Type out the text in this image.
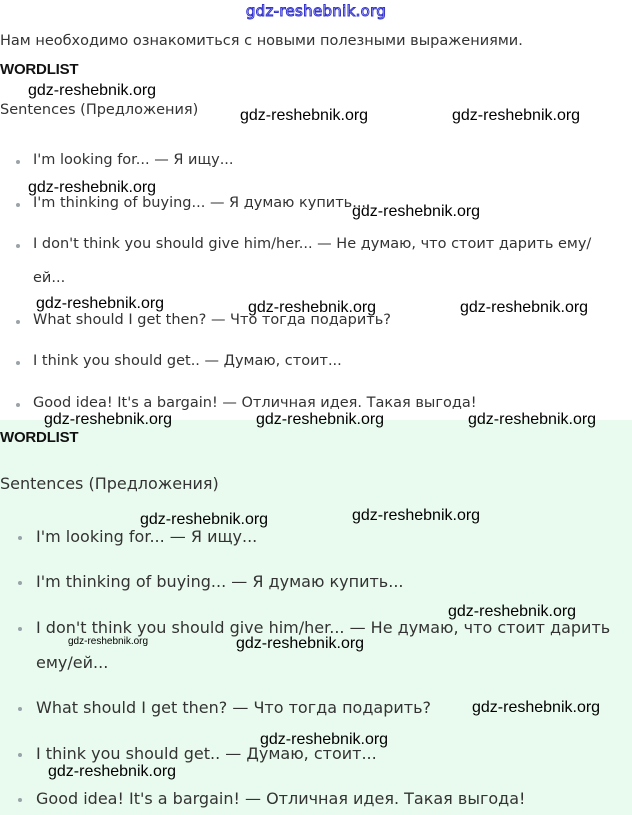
gdz-reshebnik.org
Нам необходимо ознакомиться с новыми полезными выражениями.
WORDLIST
Sentences (Предложения)
I'm looking for... — Я ищу...
I'm thinking of buying... — Я думаю купить...
I don't think you should give him/her... — Не думаю, что стоит дарить ему/
ей...
What should I get then? — Что тогда подарить?
I think you should get.. — Думаю, стоит...
Good idea! It's a bargain! — Отличная идея. Такая выгода!
WORDLIST
Sentences (Предложения)
I'm looking for... — Я ищу...
I'm thinking of buying... — Я думаю купить...
I don't think you should give him/her... — Не думаю, что стоит дарить
ему/ей...
What should I get then? — Что тогда подарить?
I think you should get.. — Думаю, стоит...
Good idea! It's a bargain! — Отличная идея. Такая выгода!
gdz-reshebnik.org
gdz-reshebnik.org	gdz-reshebnik.org
gdz-reshebnik.org
gdz-reshebnik.org
gdz-reshebnik.org	gdz-reshebnik.org	gdz-reshebnik.org
gdz-reshebnik.org	gdz-reshebnik.org	gdz-reshebnik.org
gdz-reshebnik.org	gdz-reshebnik.org
gdz-reshebnik.org
gdz-reshebnik.org	gdz-reshebnik.org
gdz-reshebnik.org
gdz-reshebnik.org
gdz-reshebnik.org
